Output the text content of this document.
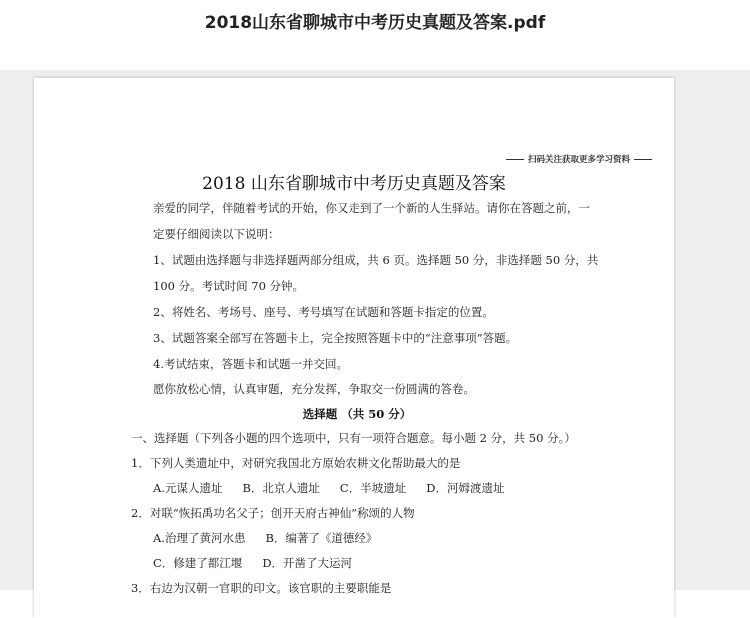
2018山东省聊城市中考历史真题及答案.pdf
扫码关注获取更多学习资料
2018 山东省聊城市中考历史真题及答案
亲爱的同学，伴随着考试的开始，你又走到了一个新的人生驿站。请你在答题之前，一
定要仔细阅读以下说明：
1、试题由选择题与非选择题两部分组成，共 6 页。选择题 50 分，非选择题 50 分，共
100 分。考试时间 70 分钟。
2、将姓名、考场号、座号、考号填写在试题和答题卡指定的位置。
3、试题答案全部写在答题卡上，完全按照答题卡中的“注意事项”答题。
4.考试结束，答题卡和试题一并交回。
愿你放松心情，认真审题，充分发挥，争取交一份圆满的答卷。
选择题 （共 50 分）
一、选择题（下列各小题的四个选项中，只有一项符合题意。每小题 2 分，共 50 分。）
1．下列人类遗址中，对研究我国北方原始农耕文化帮助最大的是
A.元谋人遗址 B．北京人遗址 C．半坡遗址 D．河姆渡遗址
2．对联“恢拓禹功名父子；创开天府古神仙”称颂的人物
A.治理了黄河水患 B．编著了《道德经》
C．修建了都江堰 D．开凿了大运河
3．右边为汉朝一官职的印文。该官职的主要职能是
